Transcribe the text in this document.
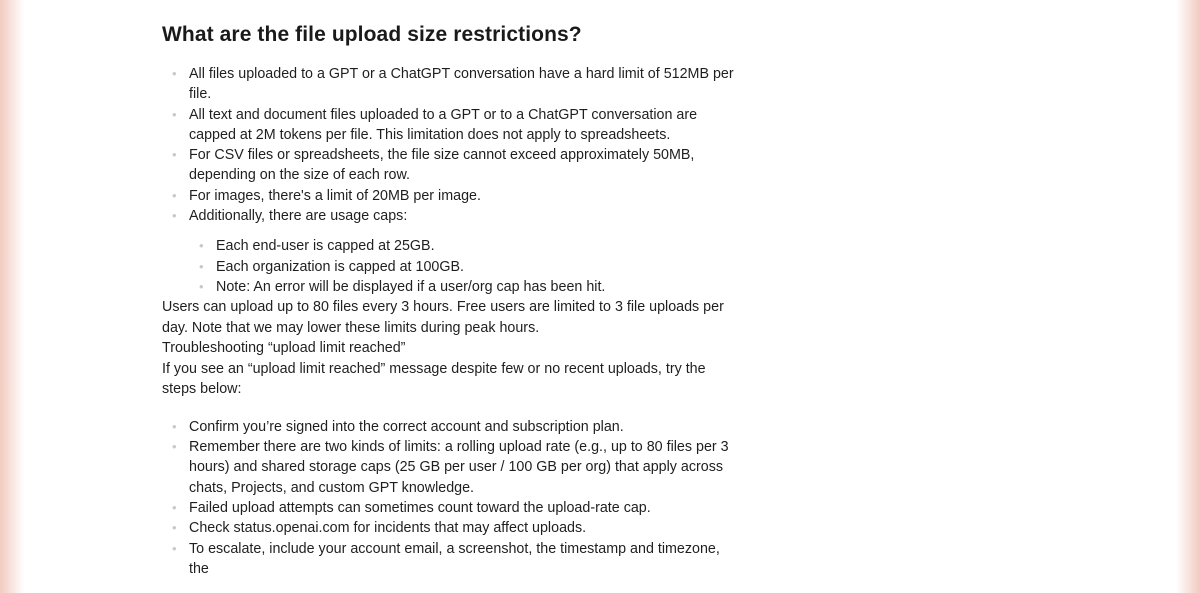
What are the file upload size restrictions?
• All files uploaded to a GPT or a ChatGPT conversation have a hard limit of 512MB per file.
• All text and document files uploaded to a GPT or to a ChatGPT conversation are capped at 2M tokens per file. This limitation does not apply to spreadsheets.
• For CSV files or spreadsheets, the file size cannot exceed approximately 50MB, depending on the size of each row.
• For images, there's a limit of 20MB per image.
• Additionally, there are usage caps:
• Each end-user is capped at 25GB.
• Each organization is capped at 100GB.
• Note: An error will be displayed if a user/org cap has been hit.

Users can upload up to 80 files every 3 hours. Free users are limited to 3 file uploads per day. Note that we may lower these limits during peak hours.

Troubleshooting “upload limit reached”

If you see an “upload limit reached” message despite few or no recent uploads, try the steps below:

• Confirm you’re signed into the correct account and subscription plan.
• Remember there are two kinds of limits: a rolling upload rate (e.g., up to 80 files per 3 hours) and shared storage caps (25 GB per user / 100 GB per org) that apply across chats, Projects, and custom GPT knowledge.
• Failed upload attempts can sometimes count toward the upload-rate cap.
• Check status.openai.com for incidents that may affect uploads.
• To escalate, include your account email, a screenshot, the timestamp and timezone, the
